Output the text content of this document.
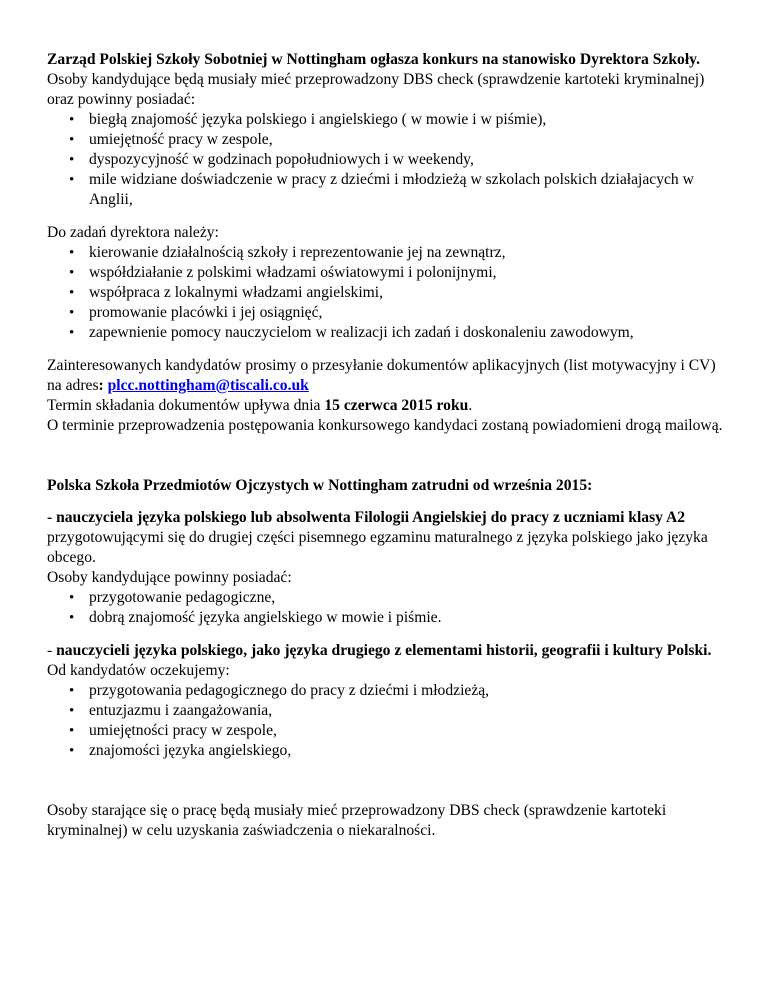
Zarząd Polskiej Szkoły Sobotniej w Nottingham ogłasza konkurs na stanowisko Dyrektora Szkoły.

Osoby kandydujące będą musiały mieć przeprowadzony DBS check (sprawdzenie kartoteki kryminalnej) oraz powinny posiadać:

• biegłą znajomość języka polskiego i angielskiego ( w mowie i w piśmie),
• umiejętność pracy w zespole,
• dyspozycyjność w godzinach popołudniowych i w weekendy,
• mile widziane doświadczenie w pracy z dziećmi i młodzieżą w szkolach polskich działajacych w Anglii,

Do zadań dyrektora należy:

• kierowanie działalnością szkoły i reprezentowanie jej na zewnątrz,
• współdziałanie z polskimi władzami oświatowymi i polonijnymi,
• współpraca z lokalnymi władzami angielskimi,
• promowanie placówki i jej osiągnięć,
• zapewnienie pomocy nauczycielom w realizacji ich zadań i doskonaleniu zawodowym,

Zainteresowanych kandydatów prosimy o przesyłanie dokumentów aplikacyjnych (list motywacyjny i CV) na adres: plcc.nottingham@tiscali.co.uk

Termin składania dokumentów upływa dnia 15 czerwca 2015 roku.

O terminie przeprowadzenia postępowania konkursowego kandydaci zostaną powiadomieni drogą mailową.

Polska Szkoła Przedmiotów Ojczystych w Nottingham zatrudni od września 2015:

- nauczyciela języka polskiego lub absolwenta Filologii Angielskiej do pracy z uczniami klasy A2 przygotowującymi się do drugiej części pisemnego egzaminu maturalnego z języka polskiego jako języka obcego.

Osoby kandydujące powinny posiadać:

• przygotowanie pedagogiczne,
• dobrą znajomość języka angielskiego w mowie i piśmie.

- nauczycieli języka polskiego, jako języka drugiego z elementami historii, geografii i kultury Polski.

Od kandydatów oczekujemy:

• przygotowania pedagogicznego do pracy z dziećmi i młodzieżą,
• entuzjazmu i zaangażowania,
• umiejętności pracy w zespole,
• znajomości języka angielskiego,

Osoby starające się o pracę będą musiały mieć przeprowadzony DBS check (sprawdzenie kartoteki kryminalnej) w celu uzyskania zaświadczenia o niekaralności.
